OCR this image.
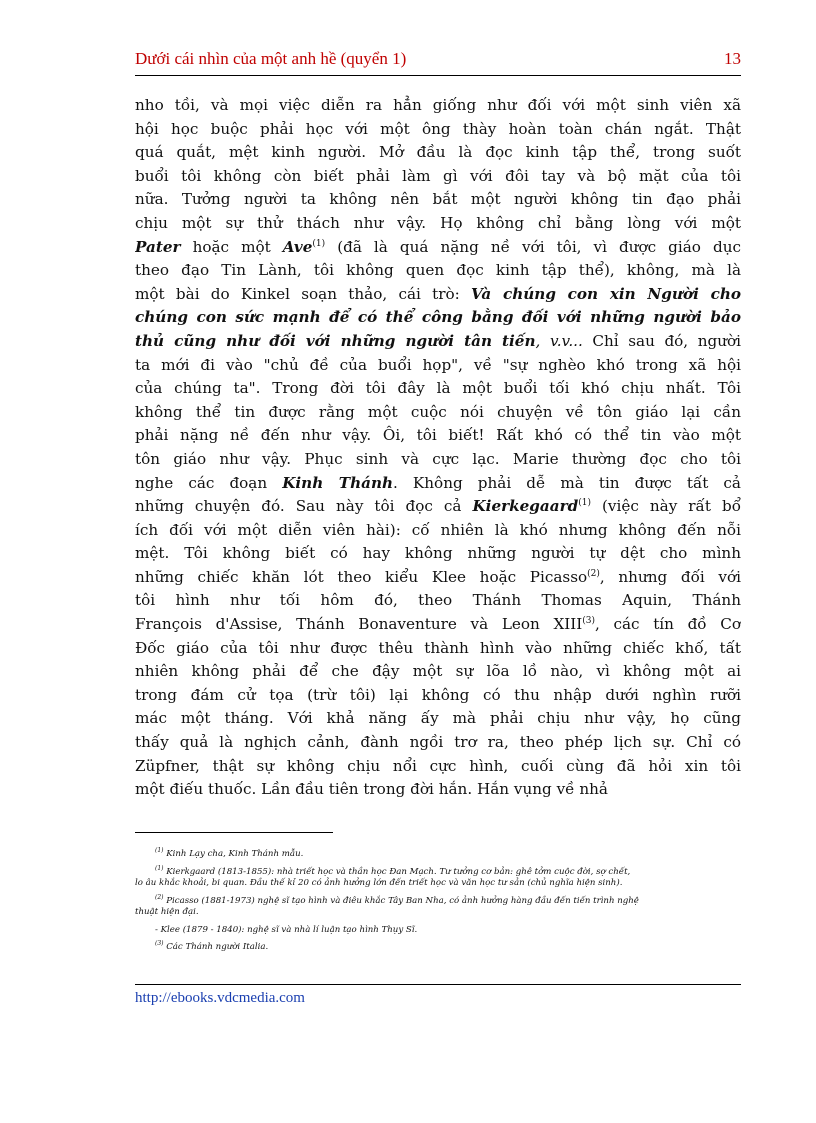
Dưới cái nhìn của một anh hề (quyển 1)	13
nho tồi, và mọi việc diễn ra hẳn giống như đối với một sinh viên xã
hội học buộc phải học với một ông thày hoàn toàn chán ngắt. Thật
quá quắt, mệt kinh người. Mở đầu là đọc kinh tập thể, trong suốt
buổi tôi không còn biết phải làm gì với đôi tay và bộ mặt của tôi
nữa. Tưởng người ta không nên bắt một người không tin đạo phải
chịu một sự thử thách như vậy. Họ không chỉ bằng lòng với một
Pater hoặc một Ave$^{(1)}$ (đã là quá nặng nề với tôi, vì được giáo dục
theo đạo Tin Lành, tôi không quen đọc kinh tập thể), không, mà là
một bài do Kinkel soạn thảo, cái trò: Và chúng con xin Người cho
chúng con sức mạnh để có thể công bằng đối với những người bảo
thủ cũng như đối với những người tân tiến, v.v... Chỉ sau đó, người
ta mới đi vào "chủ đề của buổi họp", về "sự nghèo khó trong xã hội
của chúng ta". Trong đời tôi đây là một buổi tối khó chịu nhất. Tôi
không thể tin được rằng một cuộc nói chuyện về tôn giáo lại cần
phải nặng nề đến như vậy. Ôi, tôi biết! Rất khó có thể tin vào một
tôn giáo như vậy. Phục sinh và cực lạc. Marie thường đọc cho tôi
nghe các đoạn Kinh Thánh. Không phải dễ mà tin được tất cả
những chuyện đó. Sau này tôi đọc cả Kierkegaard$^{(1)}$ (việc này rất bổ
ích đối với một diễn viên hài): cố nhiên là khó nhưng không đến nỗi
mệt. Tôi không biết có hay không những người tự dệt cho mình
những chiếc khăn lót theo kiểu Klee hoặc Picasso$^{(2)}$, nhưng đối với
tôi hình như tối hôm đó, theo Thánh Thomas Aquin, Thánh
François d'Assise, Thánh Bonaventure và Leon XIII$^{(3)}$, các tín đồ Cơ
Đốc giáo của tôi như được thêu thành hình vào những chiếc khố, tất
nhiên không phải để che đậy một sự lõa lồ nào, vì không một ai
trong đám cử tọa (trừ tôi) lại không có thu nhập dưới nghìn rưỡi
mác một tháng. Với khả năng ấy mà phải chịu như vậy, họ cũng
thấy quả là nghịch cảnh, đành ngồi trơ ra, theo phép lịch sự. Chỉ có
Züpfner, thật sự không chịu nổi cực hình, cuối cùng đã hỏi xin tôi
một điếu thuốc. Lần đầu tiên trong đời hắn. Hắn vụng về nhả
$^{(1)}$ Kinh Lạy cha, Kinh Thánh mẫu.
$^{(1)}$ Kierkgaard (1813-1855): nhà triết học và thần học Đan Mạch. Tư tưởng cơ bản: ghê tởm cuộc đời, sợ chết,
lo âu khắc khoải, bi quan. Đầu thế kỉ 20 có ảnh hưởng lớn đến triết học và văn học tư sản (chủ nghĩa hiện sinh).
$^{(2)}$ Picasso (1881-1973) nghệ sĩ tạo hình và điêu khắc Tây Ban Nha, có ảnh hưởng hàng đầu đến tiến trình nghệ
thuật hiện đại.
- Klee (1879 - 1840): nghệ sĩ và nhà lí luận tạo hình Thụy Sĩ.
$^{(3)}$ Các Thánh người Italia.
http://ebooks.vdcmedia.com
